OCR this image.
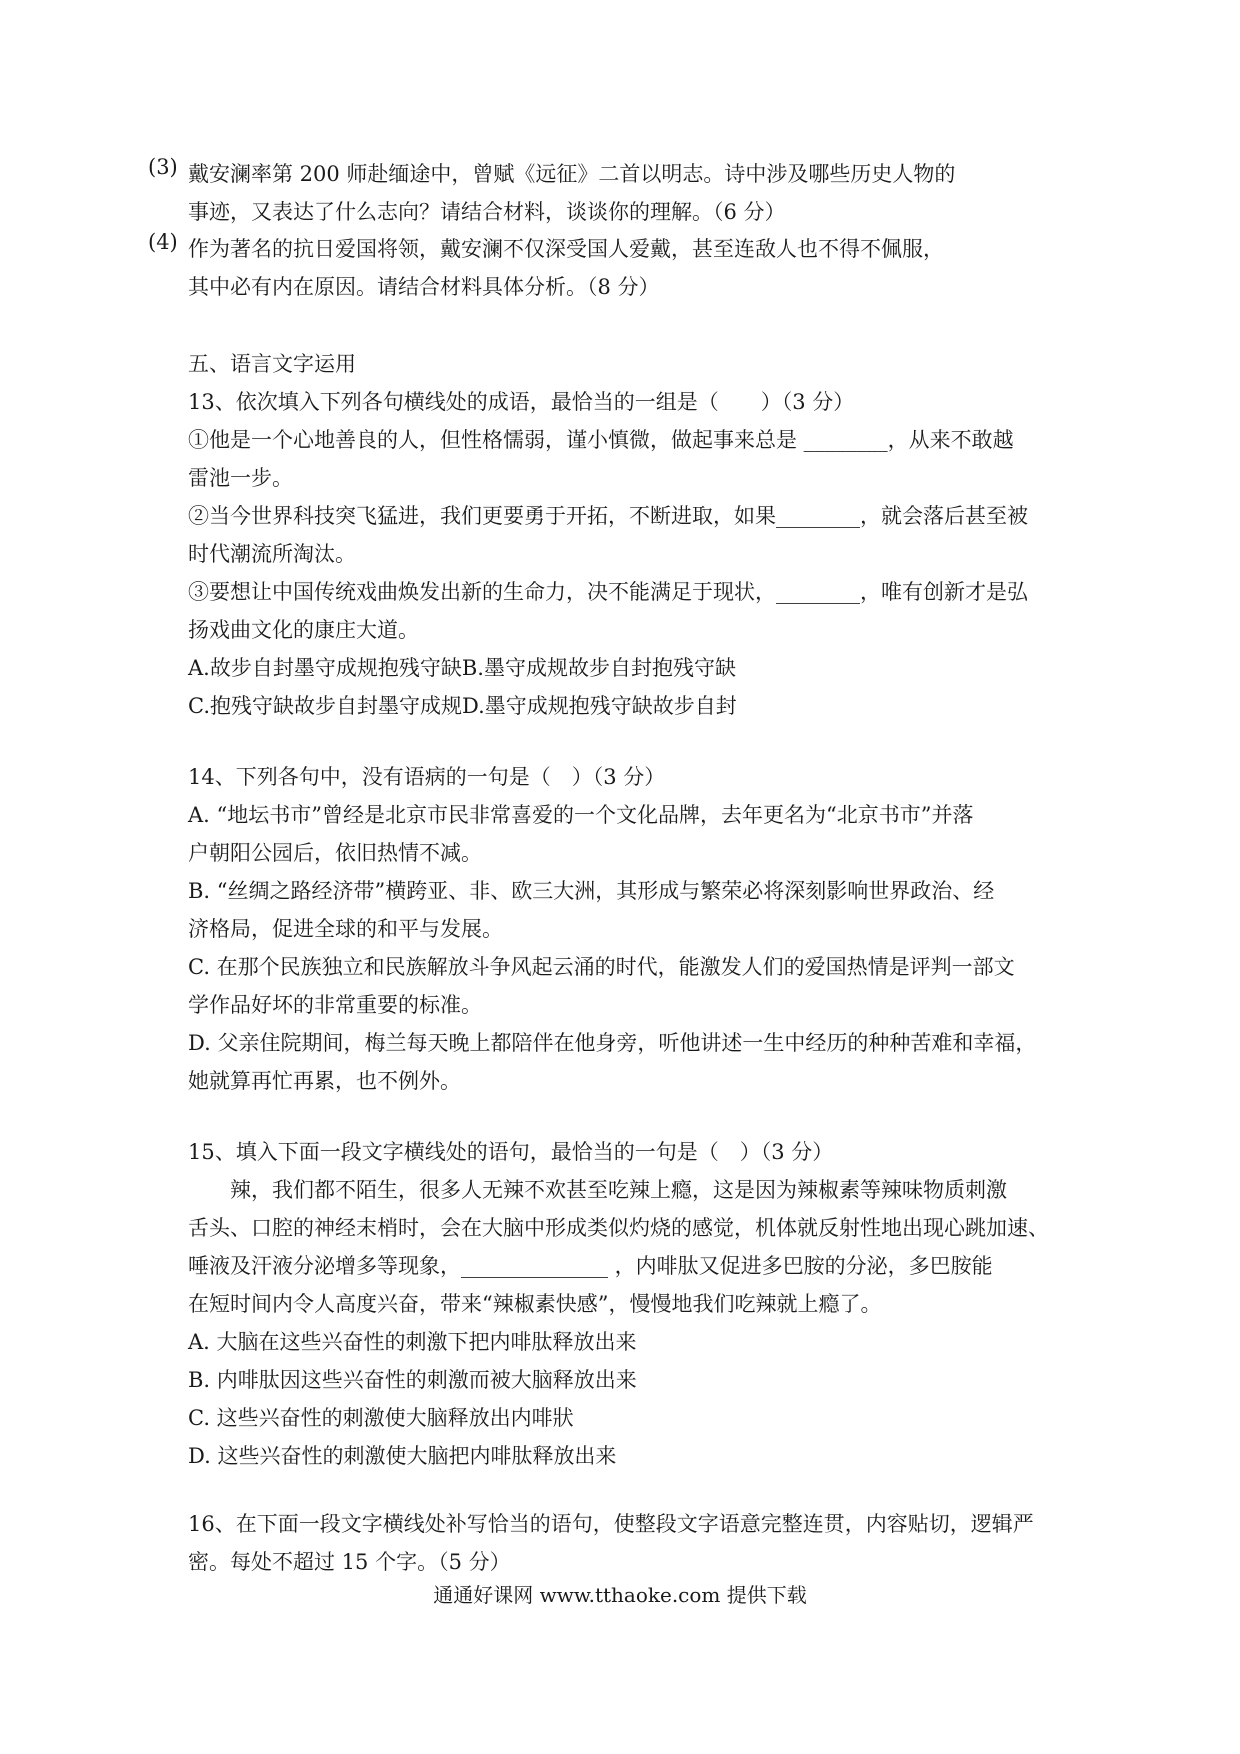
(3) 戴安澜率第 200 师赴缅途中，曾赋《远征》二首以明志。诗中涉及哪些历史人物的
事迹，又表达了什么志向？请结合材料，谈谈你的理解。（6 分）
(4) 作为著名的抗日爱国将领，戴安澜不仅深受国人爱戴，甚至连敌人也不得不佩服，
其中必有内在原因。请结合材料具体分析。（8 分）
五、语言文字运用
13、依次填入下列各句横线处的成语，最恰当的一组是（　　）（3 分）
①他是一个心地善良的人，但性格懦弱，谨小慎微，做起事来总是 ________，从来不敢越
雷池一步。
②当今世界科技突飞猛进，我们更要勇于开拓，不断进取，如果________，就会落后甚至被
时代潮流所淘汰。
③要想让中国传统戏曲焕发出新的生命力，决不能满足于现状，________，唯有创新才是弘
扬戏曲文化的康庄大道。
A.故步自封墨守成规抱残守缺B.墨守成规故步自封抱残守缺
C.抱残守缺故步自封墨守成规D.墨守成规抱残守缺故步自封
14、下列各句中，没有语病的一句是（　）（3 分）
A. “地坛书市”曾经是北京市民非常喜爱的一个文化品牌，去年更名为“北京书市”并落
户朝阳公园后，依旧热情不减。
B. “丝绸之路经济带”横跨亚、非、欧三大洲，其形成与繁荣必将深刻影响世界政治、经
济格局，促进全球的和平与发展。
C. 在那个民族独立和民族解放斗争风起云涌的时代，能激发人们的爱国热情是评判一部文
学作品好坏的非常重要的标准。
D. 父亲住院期间，梅兰每天晚上都陪伴在他身旁，听他讲述一生中经历的种种苦难和幸福，
她就算再忙再累，也不例外。
15、填入下面一段文字横线处的语句，最恰当的一句是（　）（3 分）
　　辣，我们都不陌生，很多人无辣不欢甚至吃辣上瘾，这是因为辣椒素等辣味物质刺激
舌头、口腔的神经末梢时，会在大脑中形成类似灼烧的感觉，机体就反射性地出现心跳加速、
唾液及汗液分泌增多等现象，______________ ，内啡肽又促进多巴胺的分泌，多巴胺能
在短时间内令人高度兴奋，带来“辣椒素快感”，慢慢地我们吃辣就上瘾了。
A. 大脑在这些兴奋性的刺激下把内啡肽释放出来
B. 内啡肽因这些兴奋性的刺激而被大脑释放出来
C. 这些兴奋性的刺激使大脑释放出内啡狀
D. 这些兴奋性的刺激使大脑把内啡肽释放出来
16、在下面一段文字横线处补写恰当的语句，使整段文字语意完整连贯，内容贴切，逻辑严
密。每处不超过 15 个字。（5 分）
通通好课网 www.tthaoke.com 提供下载
